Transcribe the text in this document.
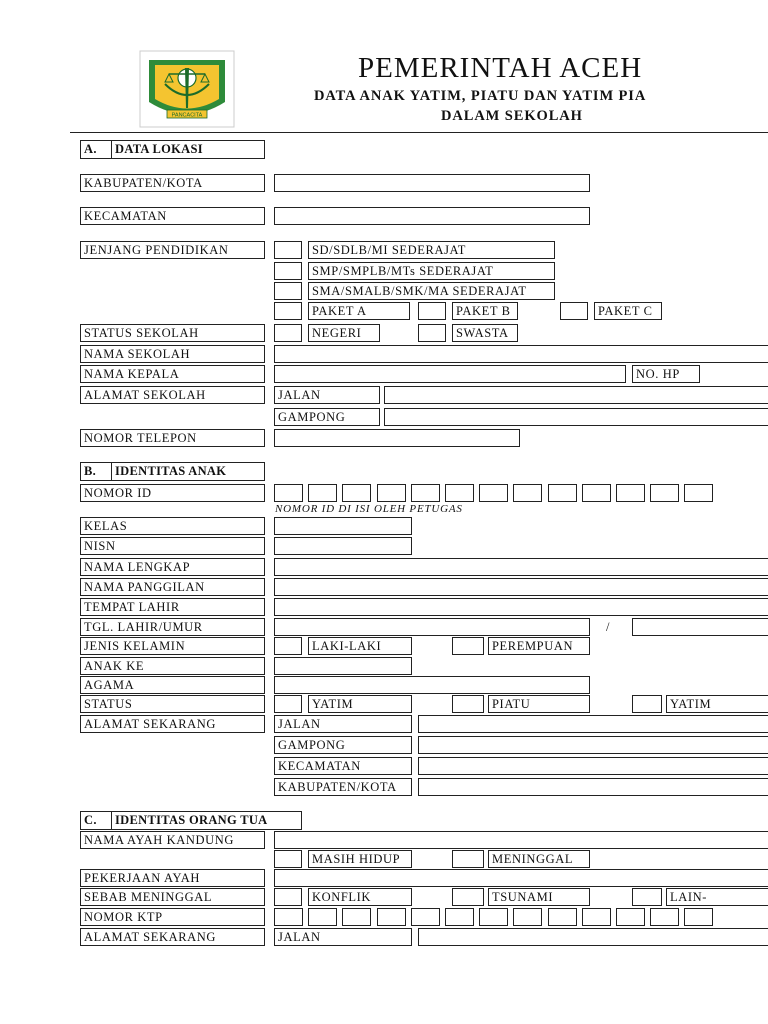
PANCACITA
PEMERINTAH ACEH
DATA ANAK YATIM, PIATU DAN YATIM PIA
DALAM SEKOLAH
A. DATA LOKASI
KABUPATEN/KOTA
KECAMATAN
JENJANG PENDIDIKAN	SD/SDLB/MI SEDERAJAT
SMP/SMPLB/MTs SEDERAJAT
SMA/SMALB/SMK/MA SEDERAJAT
PAKET A	PAKET B	PAKET C
STATUS SEKOLAH	NEGERI	SWASTA
NAMA SEKOLAH
NAMA KEPALA	NO. HP
ALAMAT SEKOLAH	JALAN
GAMPONG
NOMOR TELEPON
B. IDENTITAS ANAK
NOMOR ID
NOMOR ID DI ISI OLEH PETUGAS
KELAS
NISN
NAMA LENGKAP
NAMA PANGGILAN
TEMPAT LAHIR
TGL. LAHIR/UMUR	/
JENIS KELAMIN	LAKI-LAKI	PEREMPUAN
ANAK KE
AGAMA
STATUS	YATIM	PIATU	YATIM
ALAMAT SEKARANG	JALAN
GAMPONG
KECAMATAN
KABUPATEN/KOTA
C. IDENTITAS ORANG TUA
NAMA AYAH KANDUNG
MASIH HIDUP	MENINGGAL
PEKERJAAN AYAH
SEBAB MENINGGAL	KONFLIK	TSUNAMI	LAIN-
NOMOR KTP
ALAMAT SEKARANG	JALAN
